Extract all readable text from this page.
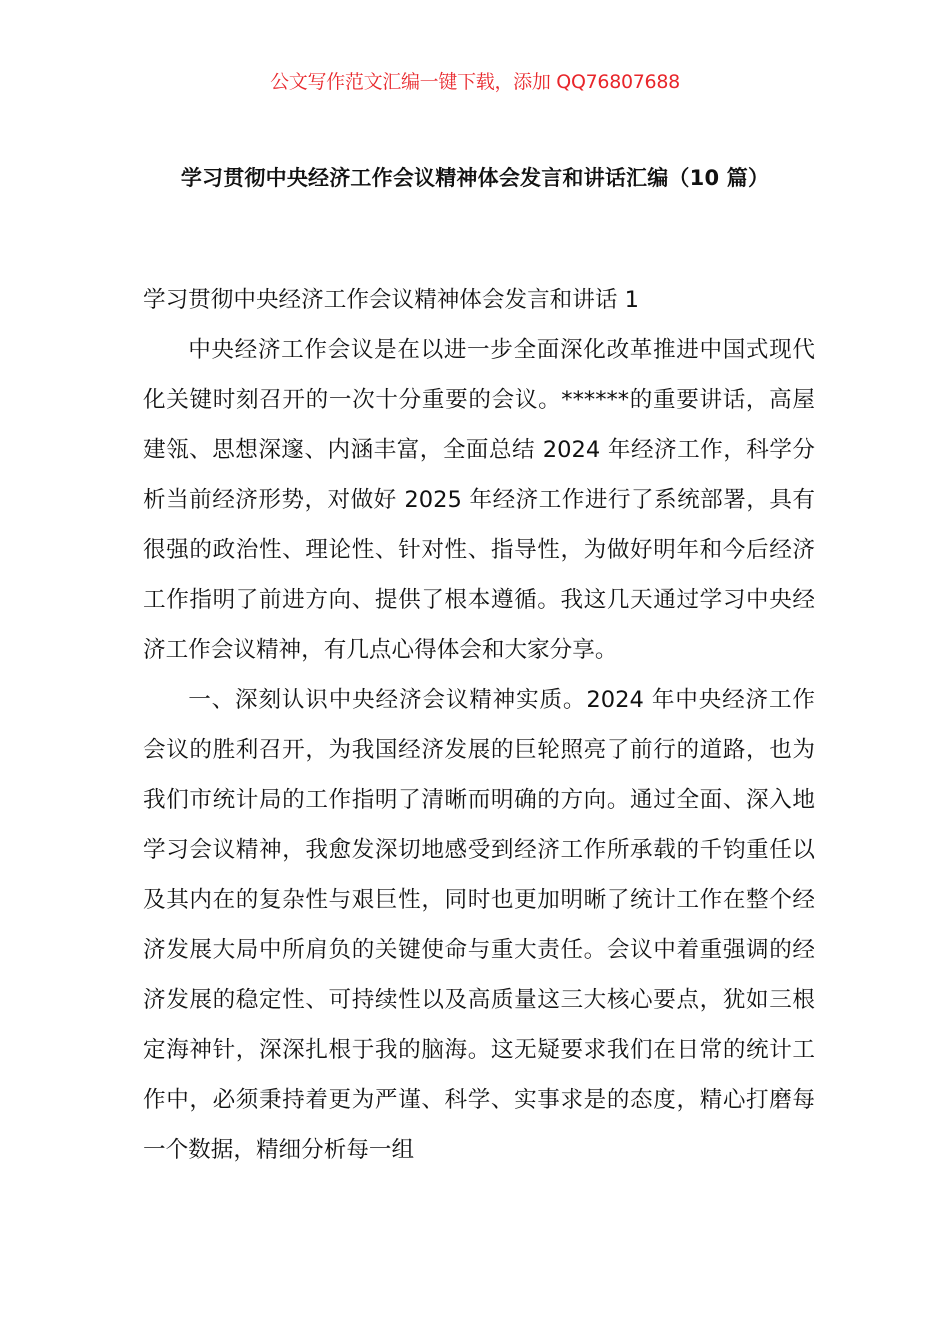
公文写作范文汇编一键下载，添加 QQ76807688
学习贯彻中央经济工作会议精神体会发言和讲话汇编（10 篇）
学习贯彻中央经济工作会议精神体会发言和讲话 1

中央经济工作会议是在以进一步全面深化改革推进中国式现代化关键时刻召开的一次十分重要的会议。******的重要讲话，高屋建瓴、思想深邃、内涵丰富，全面总结 2024 年经济工作，科学分析当前经济形势，对做好 2025 年经济工作进行了系统部署，具有很强的政治性、理论性、针对性、指导性，为做好明年和今后经济工作指明了前进方向、提供了根本遵循。我这几天通过学习中央经济工作会议精神，有几点心得体会和大家分享。

一、深刻认识中央经济会议精神实质。2024 年中央经济工作会议的胜利召开，为我国经济发展的巨轮照亮了前行的道路，也为我们市统计局的工作指明了清晰而明确的方向。通过全面、深入地学习会议精神，我愈发深切地感受到经济工作所承载的千钧重任以及其内在的复杂性与艰巨性，同时也更加明晰了统计工作在整个经济发展大局中所肩负的关键使命与重大责任。会议中着重强调的经济发展的稳定性、可持续性以及高质量这三大核心要点，犹如三根定海神针，深深扎根于我的脑海。这无疑要求我们在日常的统计工作中，必须秉持着更为严谨、科学、实事求是的态度，精心打磨每一个数据，精细分析每一组
